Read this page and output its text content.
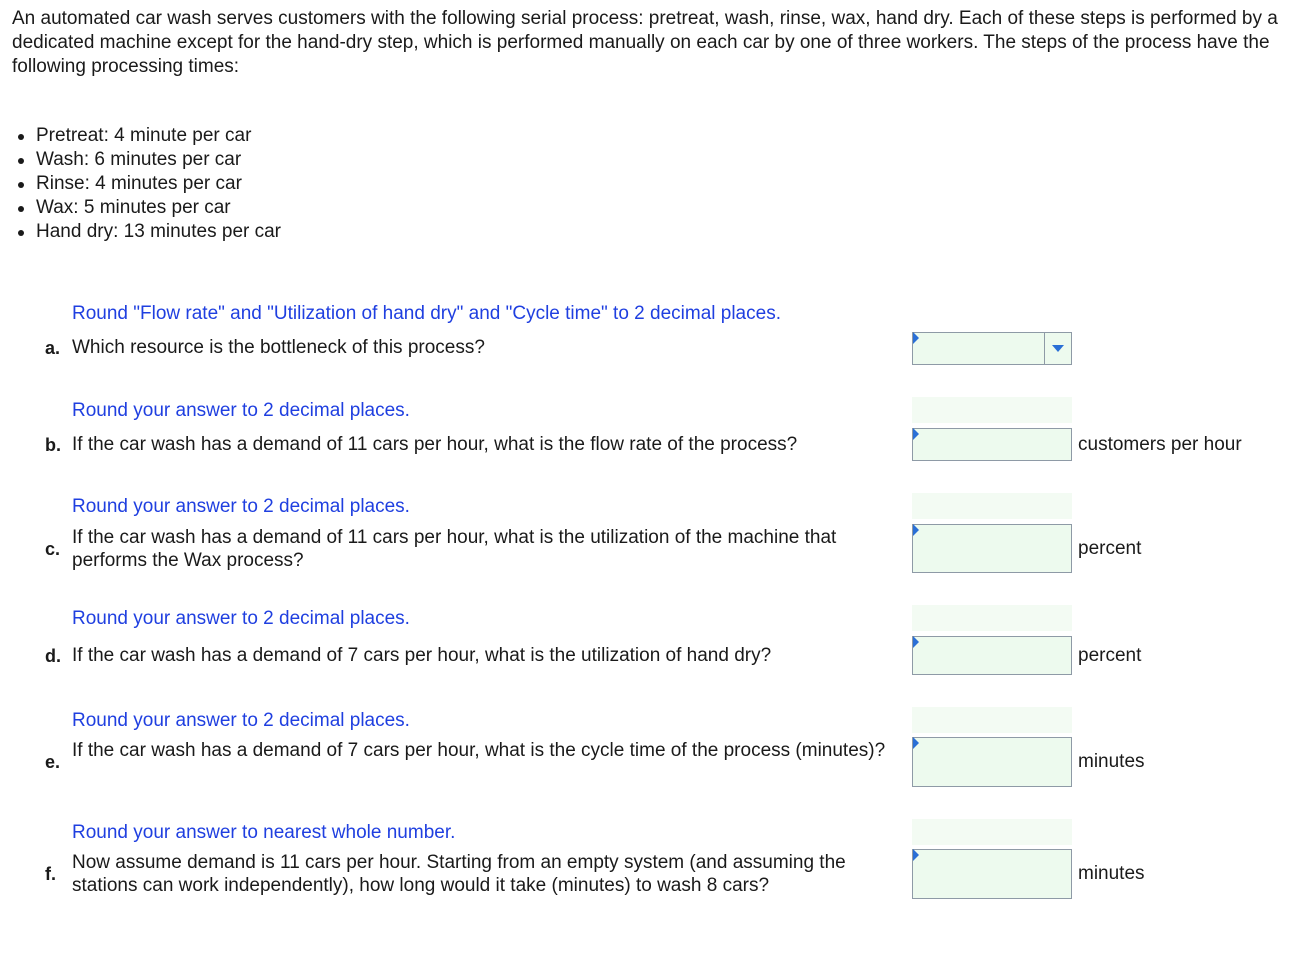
An automated car wash serves customers with the following serial process: pretreat, wash, rinse, wax, hand dry. Each of these steps is performed by a dedicated machine except for the hand-dry step, which is performed manually on each car by one of three workers. The steps of the process have the following processing times:

Pretreat: 4 minute per car
Wash: 6 minutes per car
Rinse: 4 minutes per car
Wax: 5 minutes per car
Hand dry: 13 minutes per car

Round "Flow rate" and "Utilization of hand dry" and "Cycle time" to 2 decimal places.

a. Which resource is the bottleneck of this process?

Round your answer to 2 decimal places.

b. If the car wash has a demand of 11 cars per hour, what is the flow rate of the process?	customers per hour

Round your answer to 2 decimal places.

c.

If the car wash has a demand of 11 cars per hour, what is the utilization of the machine that performs the Wax process?

percent

Round your answer to 2 decimal places.

d. If the car wash has a demand of 7 cars per hour, what is the utilization of hand dry?	percent

Round your answer to 2 decimal places.

e.

If the car wash has a demand of 7 cars per hour, what is the cycle time of the process (minutes)?

minutes

Round your answer to nearest whole number.

f.

Now assume demand is 11 cars per hour. Starting from an empty system (and assuming the stations can work independently), how long would it take (minutes) to wash 8 cars?

minutes
